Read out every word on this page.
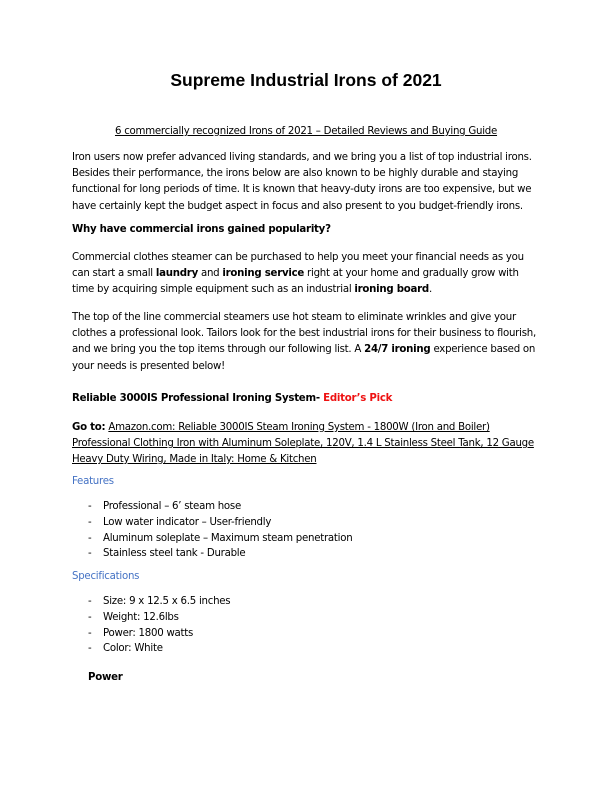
Supreme Industrial Irons of 2021
6 commercially recognized Irons of 2021 – Detailed Reviews and Buying Guide
Iron users now prefer advanced living standards, and we bring you a list of top industrial irons. Besides their performance, the irons below are also known to be highly durable and staying functional for long periods of time. It is known that heavy-duty irons are too expensive, but we have certainly kept the budget aspect in focus and also present to you budget-friendly irons.
Why have commercial irons gained popularity?
Commercial clothes steamer can be purchased to help you meet your financial needs as you can start a small laundry and ironing service right at your home and gradually grow with time by acquiring simple equipment such as an industrial ironing board.
The top of the line commercial steamers use hot steam to eliminate wrinkles and give your clothes a professional look. Tailors look for the best industrial irons for their business to flourish, and we bring you the top items through our following list. A 24/7 ironing experience based on your needs is presented below!
Reliable 3000IS Professional Ironing System- Editor’s Pick
Go to: Amazon.com: Reliable 3000IS Steam Ironing System - 1800W (Iron and Boiler) Professional Clothing Iron with Aluminum Soleplate, 120V, 1.4 L Stainless Steel Tank, 12 Gauge Heavy Duty Wiring, Made in Italy: Home & Kitchen
Features
- Professional – 6’ steam hose
- Low water indicator – User-friendly
- Aluminum soleplate – Maximum steam penetration
- Stainless steel tank - Durable
Specifications
- Size: 9 x 12.5 x 6.5 inches
- Weight: 12.6lbs
- Power: 1800 watts
- Color: White
Power
